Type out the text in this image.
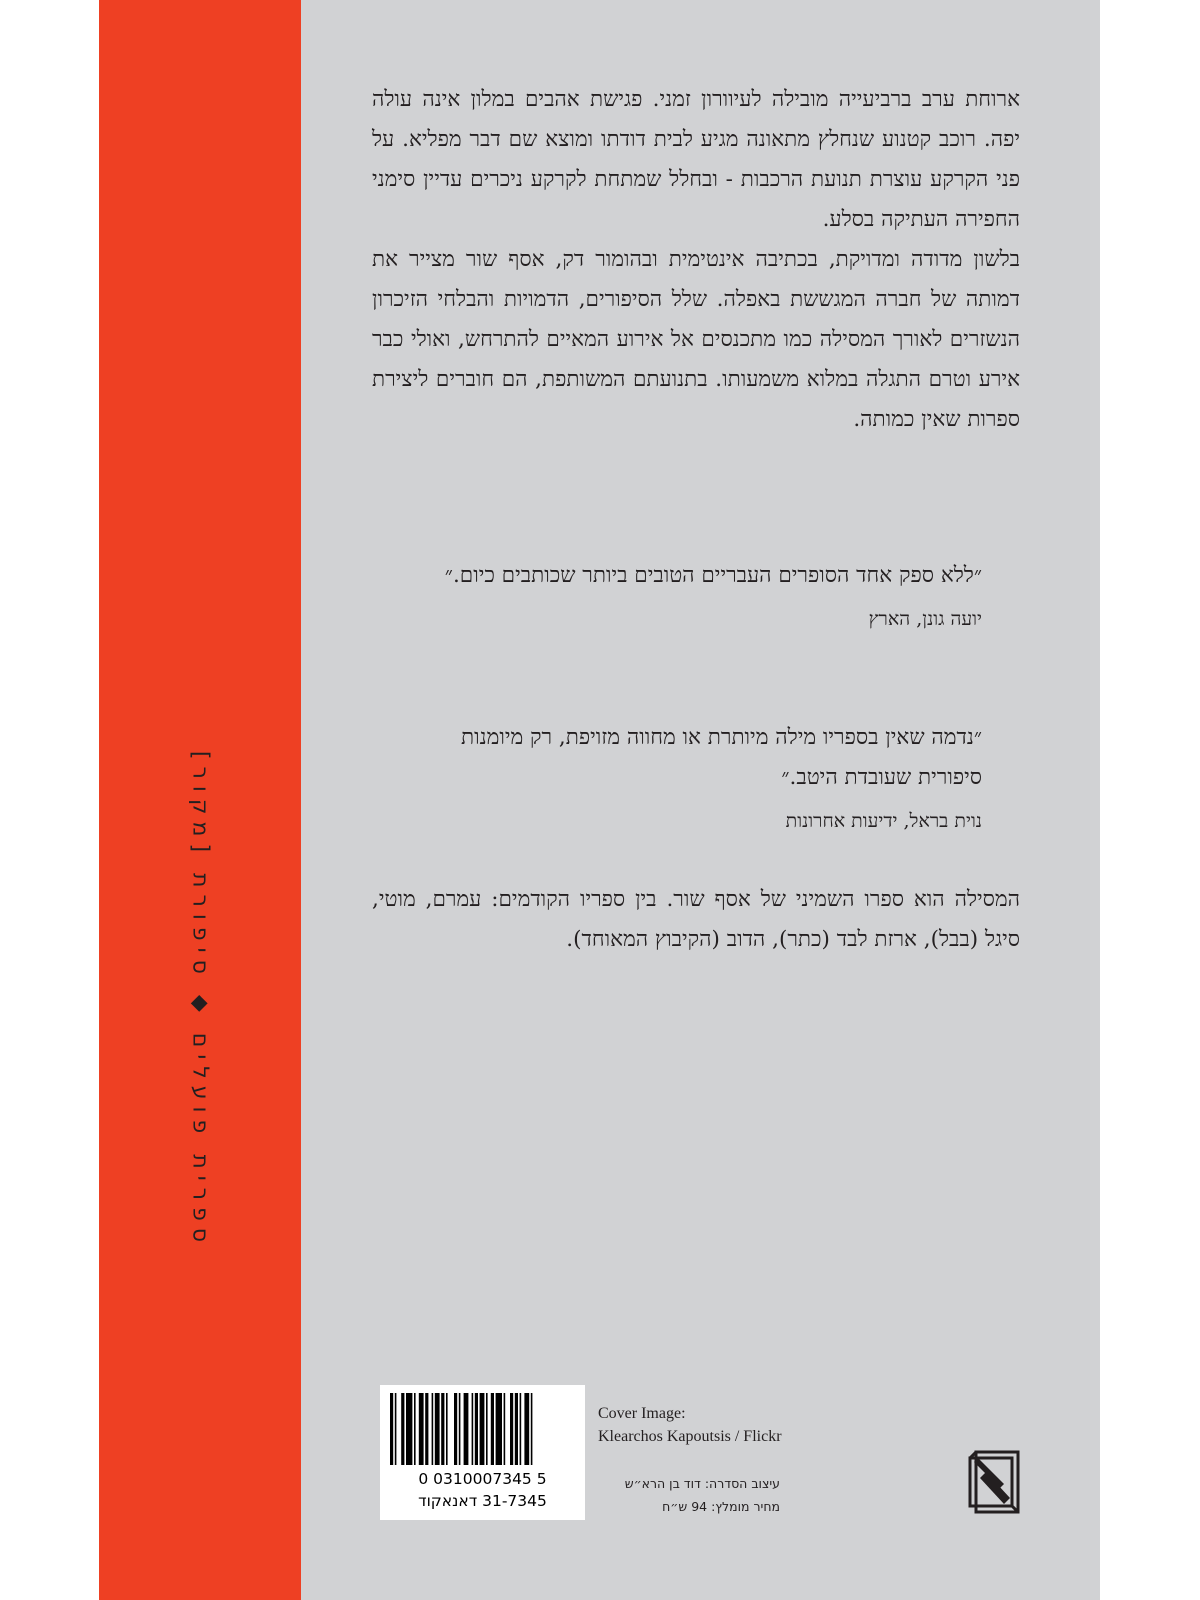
ספרית פועלים ◆ סיפורת [מקור]

ארוחת ערב ברביעייה מובילה לעיוורון זמני. פגישת אהבים במלון אינה עולה יפה. רוכב קטנוע שנחלץ מתאונה מגיע לבית דודתו ומוצא שם דבר מפליא. על פני הקרקע עוצרת תנועת הרכבות - ובחלל שמתחת לקרקע ניכרים עדיין סימני החפירה העתיקה בסלע.

בלשון מדודה ומדויקת, בכתיבה אינטימית ובהומור דק, אסף שור מצייר את דמותה של חברה המגששת באפלה. שלל הסיפורים, הדמויות והבלחי הזיכרון הנשזרים לאורך המסילה כמו מתכנסים אל אירוע המאיים להתרחש, ואולי כבר אירע וטרם התגלה במלוא משמעותו. בתנועתם המשותפת, הם חוברים ליצירת ספרות שאין כמותה.

״ללא ספק אחד הסופרים העבריים הטובים ביותר שכותבים כיום.״
יועה גונן, הארץ
״נדמה שאין בספריו מילה מיותרת או מחווה מזויפת, רק מיומנות סיפורית שעובדת היטב.״
נוית בראל, ידיעות אחרונות
המסילה הוא ספרו השמיני של אסף שור. בין ספריו הקודמים: עמרם, מוטי, סיגל (בבל), ארזת לבד (כתר), הדוב (הקיבוץ המאוחד).
0 0310007345 5
31-7345 דאנאקוד
Cover Image:
Klearchos Kapoutsis / Flickr
עיצוב הסדרה: דוד בן הרא״ש
מחיר מומלץ: 94 ש״ח
